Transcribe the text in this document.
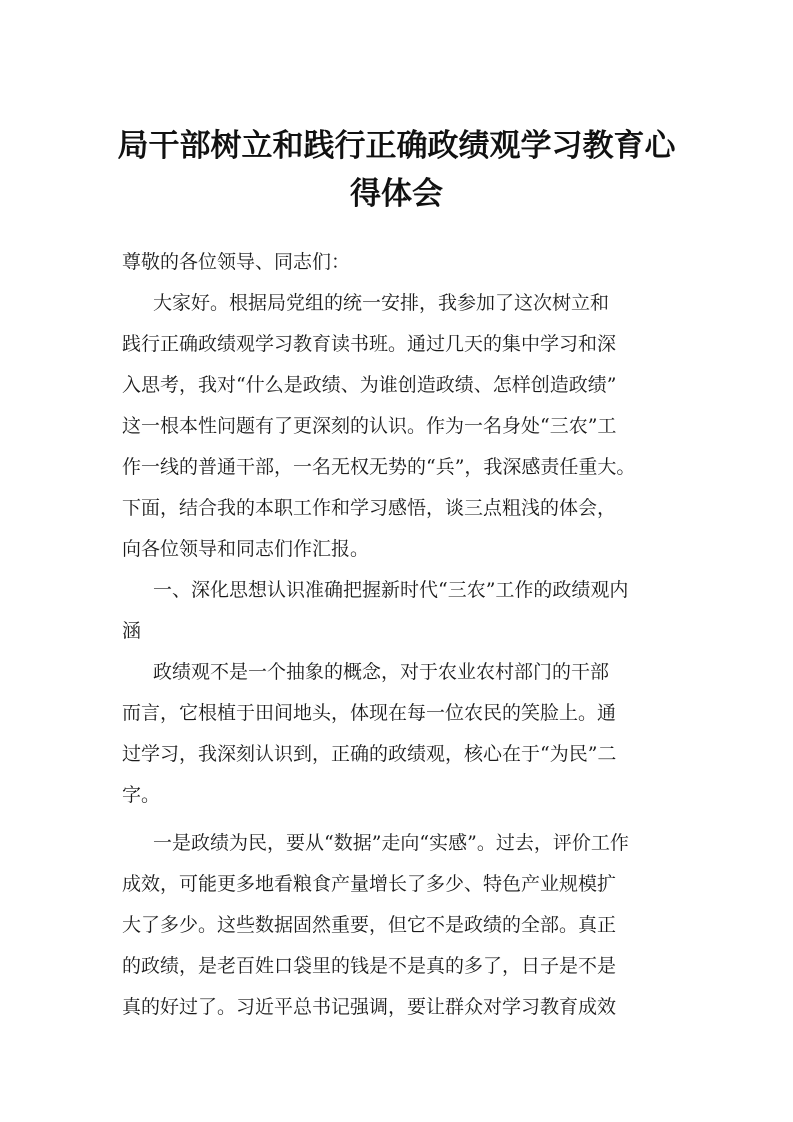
局干部树立和践行正确政绩观学习教育心
得体会
尊敬的各位领导、同志们：
大家好。根据局党组的统一安排，我参加了这次树立和
践行正确政绩观学习教育读书班。通过几天的集中学习和深
入思考，我对“什么是政绩、为谁创造政绩、怎样创造政绩”
这一根本性问题有了更深刻的认识。作为一名身处“三农”工
作一线的普通干部，一名无权无势的“兵”，我深感责任重大。
下面，结合我的本职工作和学习感悟，谈三点粗浅的体会，
向各位领导和同志们作汇报。
一、深化思想认识准确把握新时代“三农”工作的政绩观内
涵
政绩观不是一个抽象的概念，对于农业农村部门的干部
而言，它根植于田间地头，体现在每一位农民的笑脸上。通
过学习，我深刻认识到，正确的政绩观，核心在于“为民”二
字。
一是政绩为民，要从“数据”走向“实感”。过去，评价工作
成效，可能更多地看粮食产量增长了多少、特色产业规模扩
大了多少。这些数据固然重要，但它不是政绩的全部。真正
的政绩，是老百姓口袋里的钱是不是真的多了，日子是不是
真的好过了。习近平总书记强调，要让群众对学习教育成效
